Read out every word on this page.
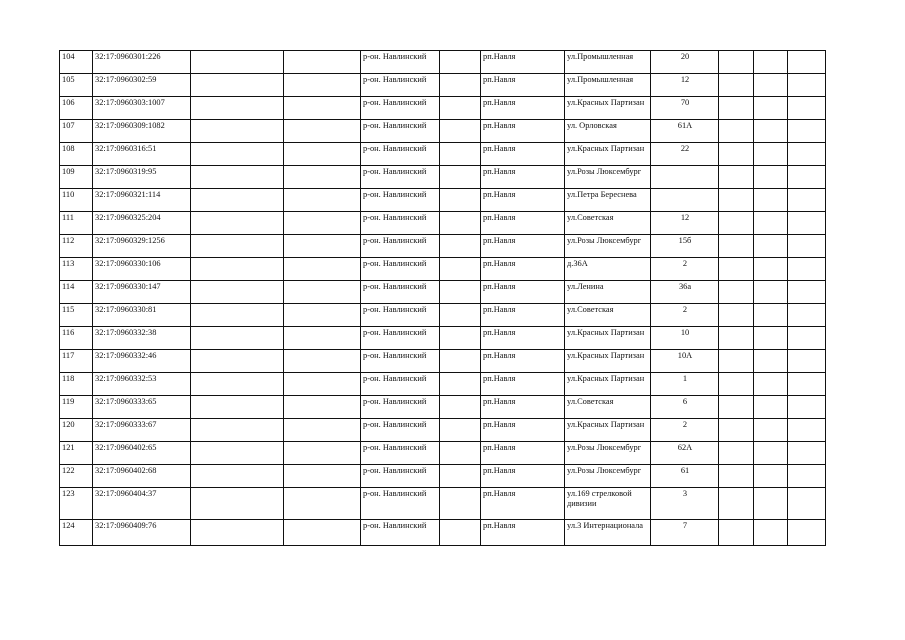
104	32:17:0960301:226			р-он. Навлинский		рп.Навля	ул.Промышленная	20			
105	32:17:0960302:59			р-он. Навлинский		рп.Навля	ул.Промышленная	12			
106	32:17:0960303:1007			р-он. Навлинский		рп.Навля	ул.Красных Партизан	70			
107	32:17:0960309:1082			р-он. Навлинский		рп.Навля	ул. Орловская	61А			
108	32:17:0960316:51			р-он. Навлинский		рп.Навля	ул.Красных Партизан	22			
109	32:17:0960319:95			р-он. Навлинский		рп.Навля	ул.Розы Люксембург				
110	32:17:0960321:114			р-он. Навлинский		рп.Навля	ул.Петра Береснева				
111	32:17:0960325:204			р-он. Навлинский		рп.Навля	ул.Советская	12			
112	32:17:0960329:1256			р-он. Навлинский		рп.Навля	ул.Розы Люксембург	15б			
113	32:17:0960330:106			р-он. Навлинский		рп.Навля	д.36А	2			
114	32:17:0960330:147			р-он. Навлинский		рп.Навля	ул.Ленина	36а			
115	32:17:0960330:81			р-он. Навлинский		рп.Навля	ул.Советская	2			
116	32:17:0960332:38			р-он. Навлинский		рп.Навля	ул.Красных Партизан	10			
117	32:17:0960332:46			р-он. Навлинский		рп.Навля	ул.Красных Партизан	10А			
118	32:17:0960332:53			р-он. Навлинский		рп.Навля	ул.Красных Партизан	1			
119	32:17:0960333:65			р-он. Навлинский		рп.Навля	ул.Советская	6			
120	32:17:0960333:67			р-он. Навлинский		рп.Навля	ул.Красных Партизан	2			
121	32:17:0960402:65			р-он. Навлинский		рп.Навля	ул.Розы Люксембург	62А			
122	32:17:0960402:68			р-он. Навлинский		рп.Навля	ул.Розы Люксембург	61			
123	32:17:0960404:37			р-он. Навлинский		рп.Навля	ул.169 стрелковой дивизии	3			
124	32:17:0960409:76			р-он. Навлинский		рп.Навля	ул.3 Интернационала	7			
